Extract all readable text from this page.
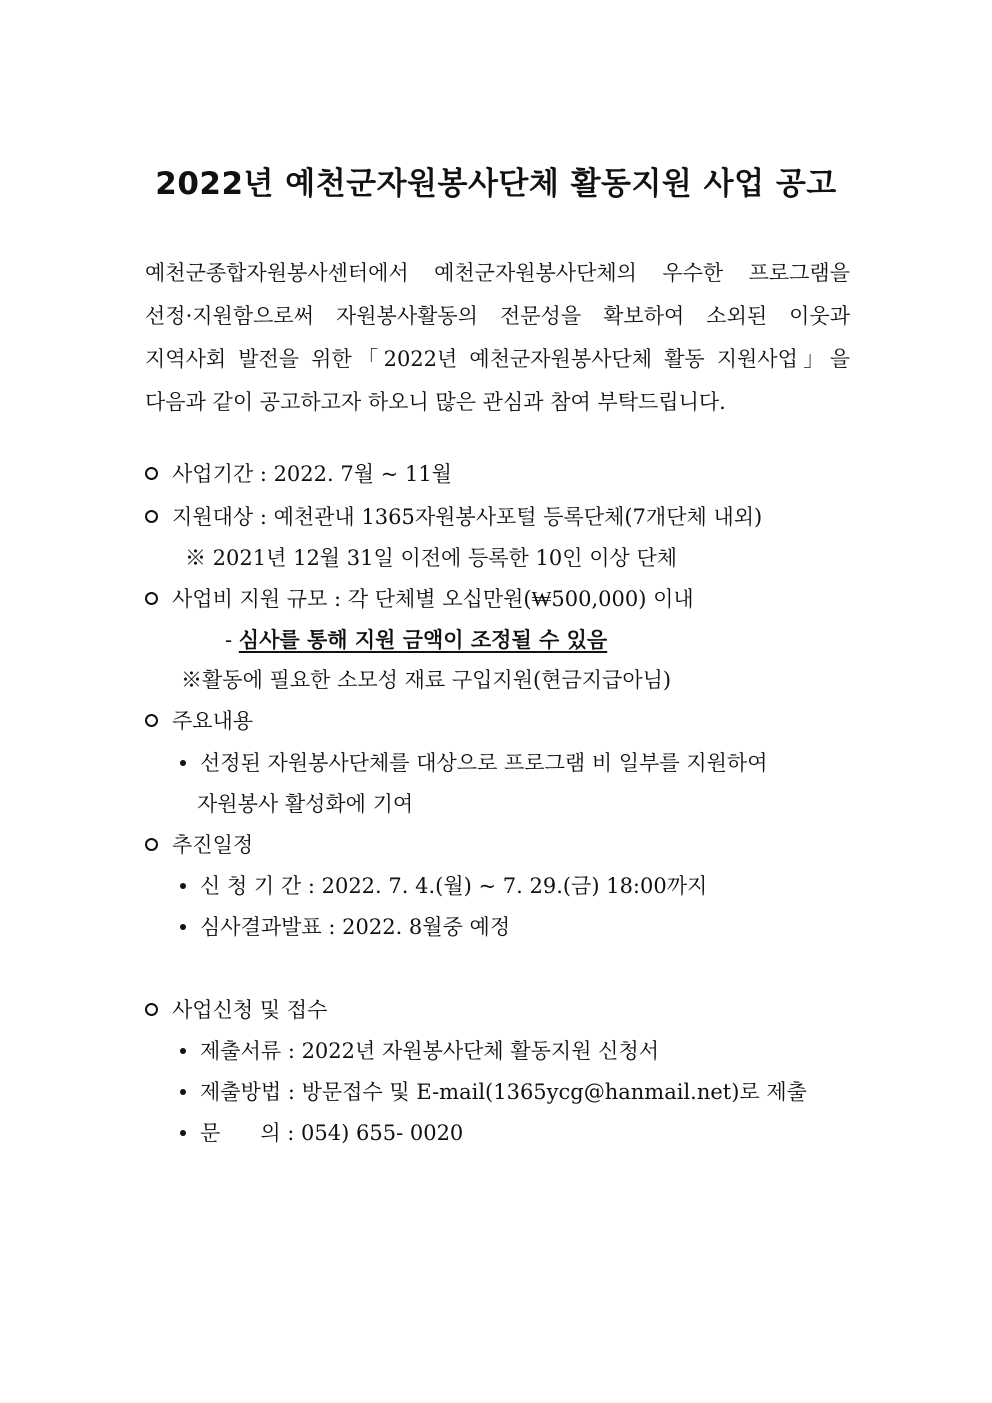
2022년 예천군자원봉사단체 활동지원 사업 공고
예천군종합자원봉사센터에서 예천군자원봉사단체의 우수한 프로그램을
선정·지원함으로써 자원봉사활동의 전문성을 확보하여 소외된 이웃과
지역사회 발전을 위한「2022년 예천군자원봉사단체 활동 지원사업」을
다음과 같이 공고하고자 하오니 많은 관심과 참여 부탁드립니다.
사업기간 : 2022. 7월 ~ 11월
지원대상 : 예천관내 1365자원봉사포털 등록단체(7개단체 내외)
※ 2021년 12월 31일 이전에 등록한 10인 이상 단체
사업비 지원 규모 : 각 단체별 오십만원(₩500,000) 이내
- 심사를 통해 지원 금액이 조정될 수 있음
※활동에 필요한 소모성 재료 구입지원(현금지급아님)
주요내용
선정된 자원봉사단체를 대상으로 프로그램 비 일부를 지원하여
자원봉사 활성화에 기여
추진일정
신 청 기 간 : 2022. 7. 4.(월) ~ 7. 29.(금) 18:00까지
심사결과발표 : 2022. 8월중 예정
사업신청 및 접수
제출서류 : 2022년 자원봉사단체 활동지원 신청서
제출방법 : 방문접수 및 E-mail(1365ycg@hanmail.net)로 제출
문      의 : 054) 655- 0020
